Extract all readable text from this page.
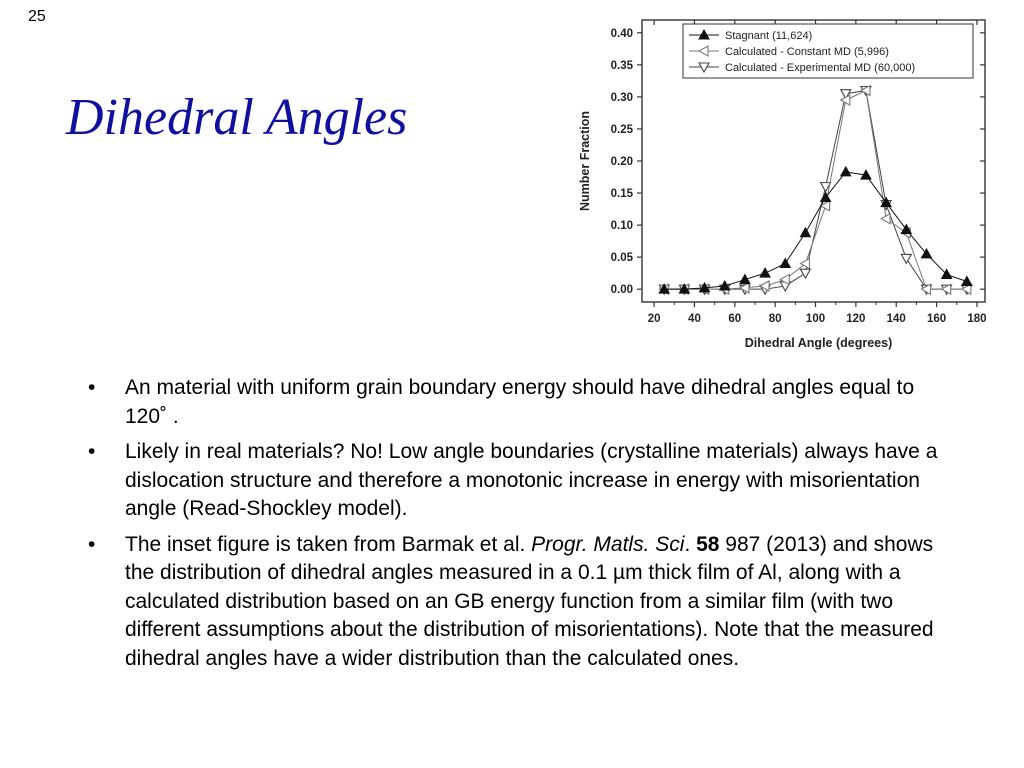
25
Dihedral Angles
20 40 60 80 100 120 140 160 180
0.00
0.05
0.10
0.15
0.20
0.25
0.30
0.35
0.40
Dihedral Angle (degrees)
Number Fraction
Stagnant (11,624)
Calculated - Constant MD (5,996)
Calculated - Experimental MD (60,000)
• An material with uniform grain boundary energy should have dihedral angles equal to 120˚ .
• Likely in real materials? No! Low angle boundaries (crystalline materials) always have a dislocation structure and therefore a monotonic increase in energy with misorientation angle (Read-Shockley model).
• The inset figure is taken from Barmak et al. Progr. Matls. Sci. 58 987 (2013) and shows the distribution of dihedral angles measured in a 0.1 µm thick film of Al, along with a calculated distribution based on an GB energy function from a similar film (with two different assumptions about the distribution of misorientations). Note that the measured dihedral angles have a wider distribution than the calculated ones.
